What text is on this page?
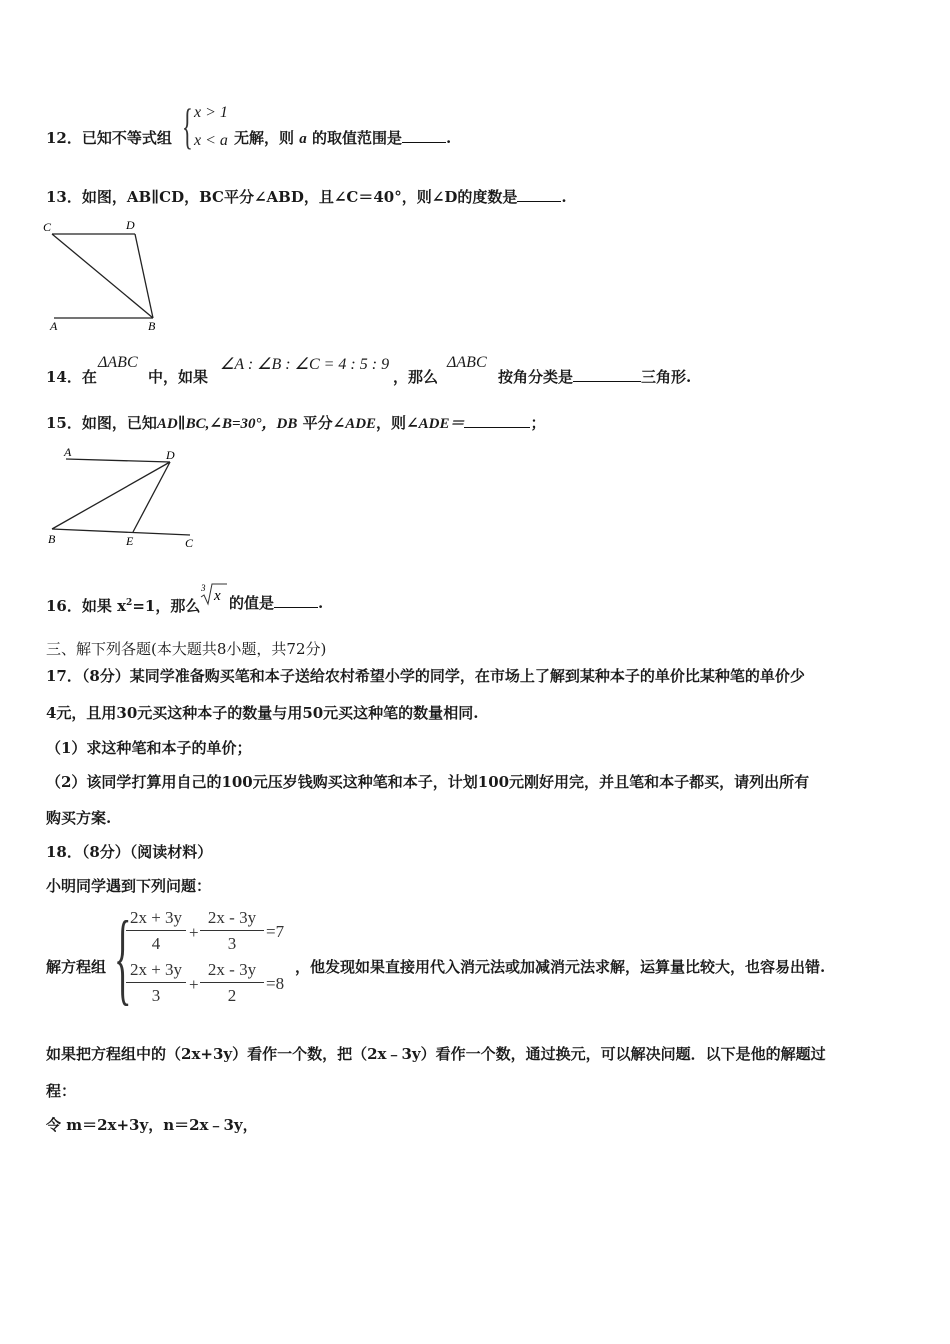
12．已知不等式组 { x > 1
x < a 无解，则 a 的取值范围是	.
13．如图，AB∥CD，BC平分∠ABD，且∠C＝40°，则∠D的度数是	.
C	D
A	B
14．在
ΔABC
中，如果
∠A : ∠B : ∠C = 4 : 5 : 9
，那么
ΔABC
按角分类是	三角形.
15．如图，已知AD∥BC,∠B=30°，DB 平分∠ADE，则∠ADE＝	；
A	D
B	E	C
16．如果 $x^2=1$，那么
3 x 的值是	.
三、解下列各题(本大题共8小题，共72分)
17．（8分）某同学准备购买笔和本子送给农村希望小学的同学，在市场上了解到某种本子的单价比某种笔的单价少
4元，且用30元买这种本子的数量与用50元买这种笔的数量相同.
（1）求这种笔和本子的单价；
（2）该同学打算用自己的100元压岁钱购买这种笔和本子，计划100元刚好用完，并且笔和本子都买，请列出所有
购买方案.
18．（8分）（阅读材料）
小明同学遇到下列问题：
解方程组 {
$\frac{2x + 3y}{4} + \frac{2x - 3y}{3} =7$
$\frac{2x + 3y}{3} + \frac{2x - 3y}{2} =8$
，他发现如果直接用代入消元法或加减消元法求解，运算量比较大，也容易出错.
如果把方程组中的（2x+3y）看作一个数，把（2x﹣3y）看作一个数，通过换元，可以解决问题．以下是他的解题过
程：
令 m＝2x+3y，n＝2x﹣3y，
